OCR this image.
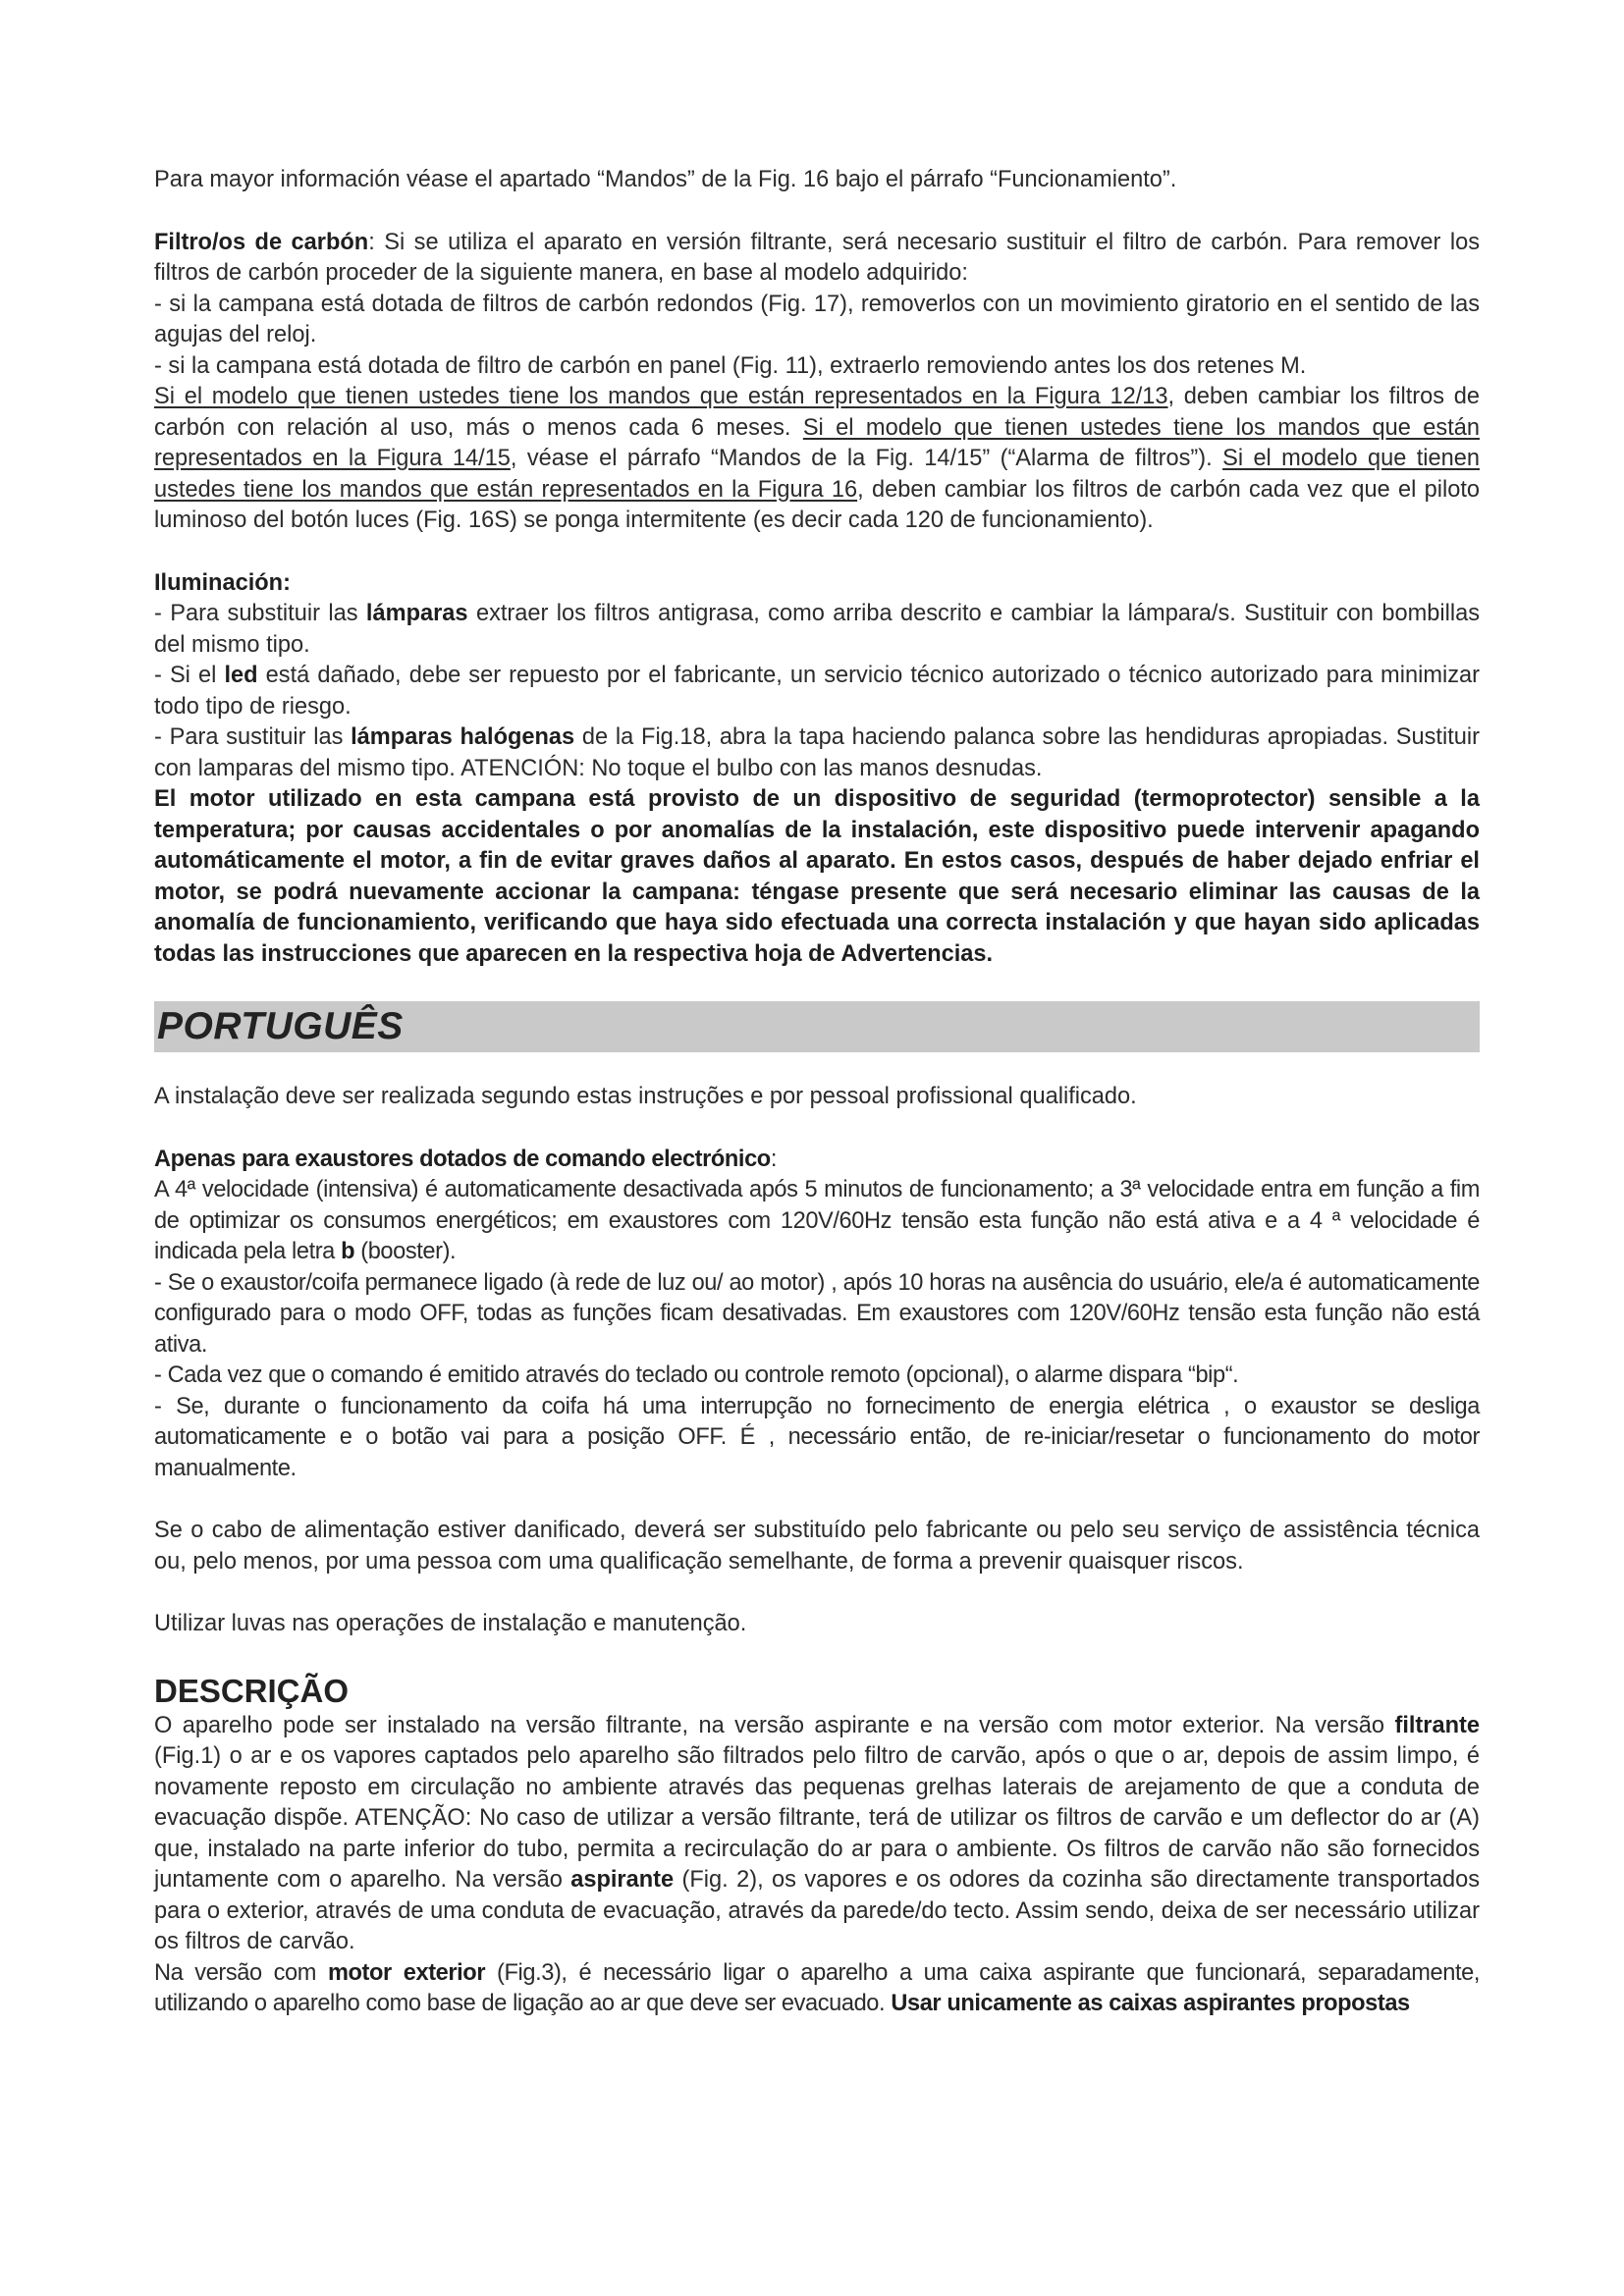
Para mayor información véase el apartado “Mandos” de la Fig. 16 bajo el párrafo “Funcionamiento”.

Filtro/os de carbón: Si se utiliza el aparato en versión filtrante, será necesario sustituir el filtro de carbón. Para remover los filtros de carbón proceder de la siguiente manera, en base al modelo adquirido:

- si la campana está dotada de filtros de carbón redondos (Fig. 17), removerlos con un movimiento giratorio en el sentido de las agujas del reloj.

- si la campana está dotada de filtro de carbón en panel (Fig. 11), extraerlo removiendo antes los dos retenes M.

Si el modelo que tienen ustedes tiene los mandos que están representados en la Figura 12/13, deben cambiar los filtros de carbón con relación al uso, más o menos cada 6 meses. Si el modelo que tienen ustedes tiene los mandos que están representados en la Figura 14/15, véase el párrafo “Mandos de la Fig. 14/15” (“Alarma de filtros”). Si el modelo que tienen ustedes tiene los mandos que están representados en la Figura 16, deben cambiar los filtros de carbón cada vez que el piloto luminoso del botón luces (Fig. 16S) se ponga intermitente (es decir cada 120 de funcionamiento).

Iluminación:

- Para substituir las lámparas extraer los filtros antigrasa, como arriba descrito e cambiar la lámpara/s. Sustituir con bombillas del mismo tipo.

- Si el led está dañado, debe ser repuesto por el fabricante, un servicio técnico autorizado o técnico autorizado para minimizar todo tipo de riesgo.

- Para sustituir las lámparas halógenas de la Fig.18, abra la tapa haciendo palanca sobre las hendiduras apropiadas. Sustituir con lamparas del mismo tipo. ATENCIÓN: No toque el bulbo con las manos desnudas.

El motor utilizado en esta campana está provisto de un dispositivo de seguridad (termoprotector) sensible a la temperatura; por causas accidentales o por anomalías de la instalación, este dispositivo puede intervenir apagando automáticamente el motor, a fin de evitar graves daños al aparato. En estos casos, después de haber dejado enfriar el motor, se podrá nuevamente accionar la campana: téngase presente que será necesario eliminar las causas de la anomalía de funcionamiento, verificando que haya sido efectuada una correcta instalación y que hayan sido aplicadas todas las instrucciones que aparecen en la respectiva hoja de Advertencias.

PORTUGUÊS

A instalação deve ser realizada segundo estas instruções e por pessoal profissional qualificado.

Apenas para exaustores dotados de comando electrónico:

A 4ª velocidade (intensiva) é automaticamente desactivada após 5 minutos de funcionamento; a 3ª velocidade entra em função a fim de optimizar os consumos energéticos; em exaustores com 120V/60Hz tensão esta função não está ativa e a 4 ª velocidade é indicada pela letra b (booster).

- Se o exaustor/coifa permanece ligado (à rede de luz ou/ ao motor) , após 10 horas na ausência do usuário, ele/a é automaticamente configurado para o modo OFF, todas as funções ficam desativadas. Em exaustores com 120V/60Hz tensão esta função não está ativa.

- Cada vez que o comando é emitido através do teclado ou controle remoto (opcional), o alarme dispara “bip“.

- Se, durante o funcionamento da coifa há uma interrupção no fornecimento de energia elétrica , o exaustor se desliga automaticamente e o botão vai para a posição OFF. É , necessário então, de re-iniciar/resetar o funcionamento do motor manualmente.

Se o cabo de alimentação estiver danificado, deverá ser substituído pelo fabricante ou pelo seu serviço de assistência técnica ou, pelo menos, por uma pessoa com uma qualificação semelhante, de forma a prevenir quaisquer riscos.

Utilizar luvas nas operações de instalação e manutenção.

DESCRIÇÃO

O aparelho pode ser instalado na versão filtrante, na versão aspirante e na versão com motor exterior. Na versão filtrante (Fig.1) o ar e os vapores captados pelo aparelho são filtrados pelo filtro de carvão, após o que o ar, depois de assim limpo, é novamente reposto em circulação no ambiente através das pequenas grelhas laterais de arejamento de que a conduta de evacuação dispõe. ATENÇÃO: No caso de utilizar a versão filtrante, terá de utilizar os filtros de carvão e um deflector do ar (A) que, instalado na parte inferior do tubo, permita a recirculação do ar para o ambiente. Os filtros de carvão não são fornecidos juntamente com o aparelho. Na versão aspirante (Fig. 2), os vapores e os odores da cozinha são directamente transportados para o exterior, através de uma conduta de evacuação, através da parede/do tecto. Assim sendo, deixa de ser necessário utilizar os filtros de carvão.

Na versão com motor exterior (Fig.3), é necessário ligar o aparelho a uma caixa aspirante que funcionará, separadamente, utilizando o aparelho como base de ligação ao ar que deve ser evacuado. Usar unicamente as caixas aspirantes propostas
